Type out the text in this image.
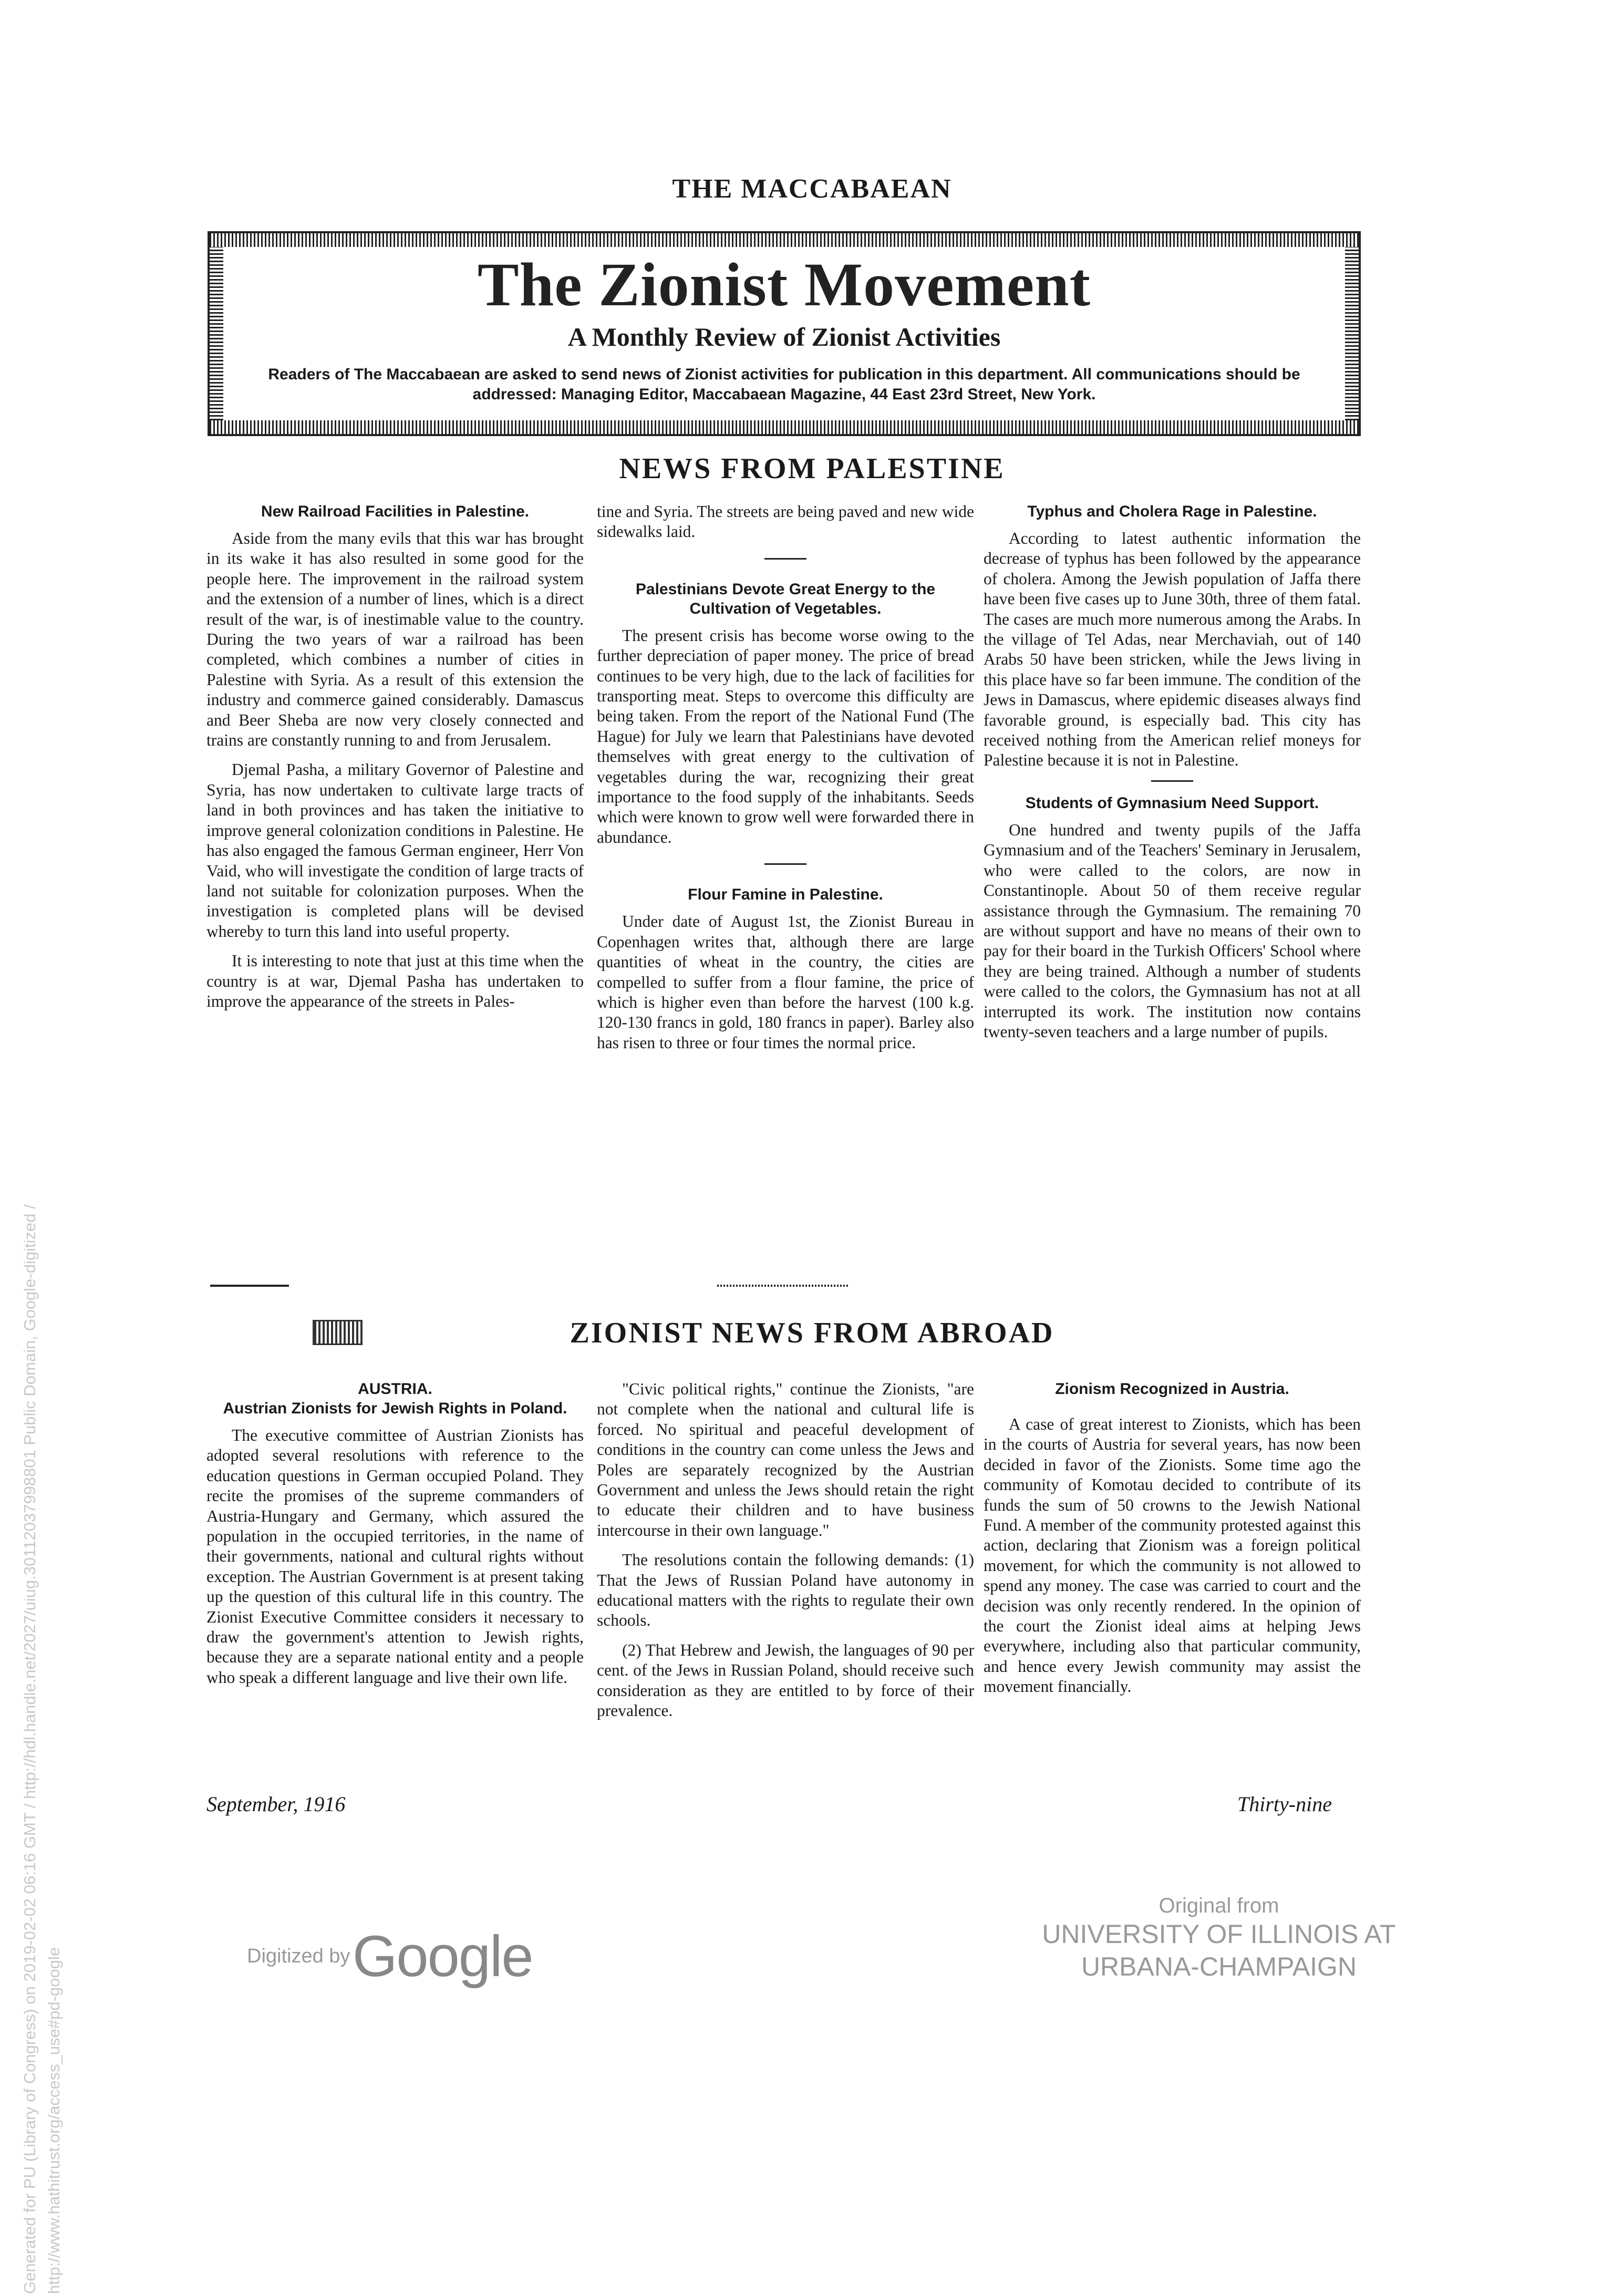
THE MACCABAEAN
The Zionist Movement
A Monthly Review of Zionist Activities
Readers of The Maccabaean are asked to send news of Zionist activities for publication in this department. All communications should be addressed: Managing Editor, Maccabaean Magazine, 44 East 23rd Street, New York.
NEWS FROM PALESTINE
New Railroad Facilities in Palestine.

Aside from the many evils that this war has brought in its wake it has also resulted in some good for the people here. The improvement in the railroad system and the extension of a number of lines, which is a direct result of the war, is of inestimable value to the country. During the two years of war a railroad has been completed, which combines a number of cities in Palestine with Syria. As a result of this extension the industry and commerce gained considerably. Damascus and Beer Sheba are now very closely connected and trains are constantly running to and from Jerusalem.

Djemal Pasha, a military Governor of Palestine and Syria, has now undertaken to cultivate large tracts of land in both provinces and has taken the initiative to improve general colonization conditions in Palestine. He has also engaged the famous German engineer, Herr Von Vaid, who will investigate the condition of large tracts of land not suitable for colonization purposes. When the investigation is completed plans will be devised whereby to turn this land into useful property.

It is interesting to note that just at this time when the country is at war, Djemal Pasha has undertaken to improve the appearance of the streets in Pales-

tine and Syria. The streets are being paved and new wide sidewalks laid.

Palestinians Devote Great Energy to the Cultivation of Vegetables.

The present crisis has become worse owing to the further depreciation of paper money. The price of bread continues to be very high, due to the lack of facilities for transporting meat. Steps to overcome this difficulty are being taken. From the report of the National Fund (The Hague) for July we learn that Palestinians have devoted themselves with great energy to the cultivation of vegetables during the war, recognizing their great importance to the food supply of the inhabitants. Seeds which were known to grow well were forwarded there in abundance.

Flour Famine in Palestine.

Under date of August 1st, the Zionist Bureau in Copenhagen writes that, although there are large quantities of wheat in the country, the cities are compelled to suffer from a flour famine, the price of which is higher even than before the harvest (100 k.g. 120-130 francs in gold, 180 francs in paper). Barley also has risen to three or four times the normal price.

Typhus and Cholera Rage in Palestine.

According to latest authentic information the decrease of typhus has been followed by the appearance of cholera. Among the Jewish population of Jaffa there have been five cases up to June 30th, three of them fatal. The cases are much more numerous among the Arabs. In the village of Tel Adas, near Merchaviah, out of 140 Arabs 50 have been stricken, while the Jews living in this place have so far been immune. The condition of the Jews in Damascus, where epidemic diseases always find favorable ground, is especially bad. This city has received nothing from the American relief moneys for Palestine because it is not in Palestine.

Students of Gymnasium Need Support.

One hundred and twenty pupils of the Jaffa Gymnasium and of the Teachers' Seminary in Jerusalem, who were called to the colors, are now in Constantinople. About 50 of them receive regular assistance through the Gymnasium. The remaining 70 are without support and have no means of their own to pay for their board in the Turkish Officers' School where they are being trained. Although a number of students were called to the colors, the Gymnasium has not at all interrupted its work. The institution now contains twenty-seven teachers and a large number of pupils.

ZIONIST NEWS FROM ABROAD
AUSTRIA.
Austrian Zionists for Jewish Rights in Poland.

The executive committee of Austrian Zionists has adopted several resolutions with reference to the education questions in German occupied Poland. They recite the promises of the supreme commanders of Austria-Hungary and Germany, which assured the population in the occupied territories, in the name of their governments, national and cultural rights without exception. The Austrian Government is at present taking up the question of this cultural life in this country. The Zionist Executive Committee considers it necessary to draw the government's attention to Jewish rights, because they are a separate national entity and a people who speak a different language and live their own life.

"Civic political rights," continue the Zionists, "are not complete when the national and cultural life is forced. No spiritual and peaceful development of conditions in the country can come unless the Jews and Poles are separately recognized by the Austrian Government and unless the Jews should retain the right to educate their children and to have business intercourse in their own language."

The resolutions contain the following demands: (1) That the Jews of Russian Poland have autonomy in educational matters with the rights to regulate their own schools.

(2) That Hebrew and Jewish, the languages of 90 per cent. of the Jews in Russian Poland, should receive such consideration as they are entitled to by force of their prevalence.

Zionism Recognized in Austria.

A case of great interest to Zionists, which has been in the courts of Austria for several years, has now been decided in favor of the Zionists. Some time ago the community of Komotau decided to contribute of its funds the sum of 50 crowns to the Jewish National Fund. A member of the community protested against this action, declaring that Zionism was a foreign political movement, for which the community is not allowed to spend any money. The case was carried to court and the decision was only recently rendered. In the opinion of the court the Zionist ideal aims at helping Jews everywhere, including also that particular community, and hence every Jewish community may assist the movement financially.

September, 1916	Thirty-nine
Generated for PU (Library of Congress) on 2019-02-02 06:16 GMT / http://hdl.handle.net/2027/uiug.30112037998801 Public Domain, Google-digitized / http://www.hathitrust.org/access_use#pd-google	Digitized by Google
Original from
UNIVERSITY OF ILLINOIS AT
URBANA-CHAMPAIGN
